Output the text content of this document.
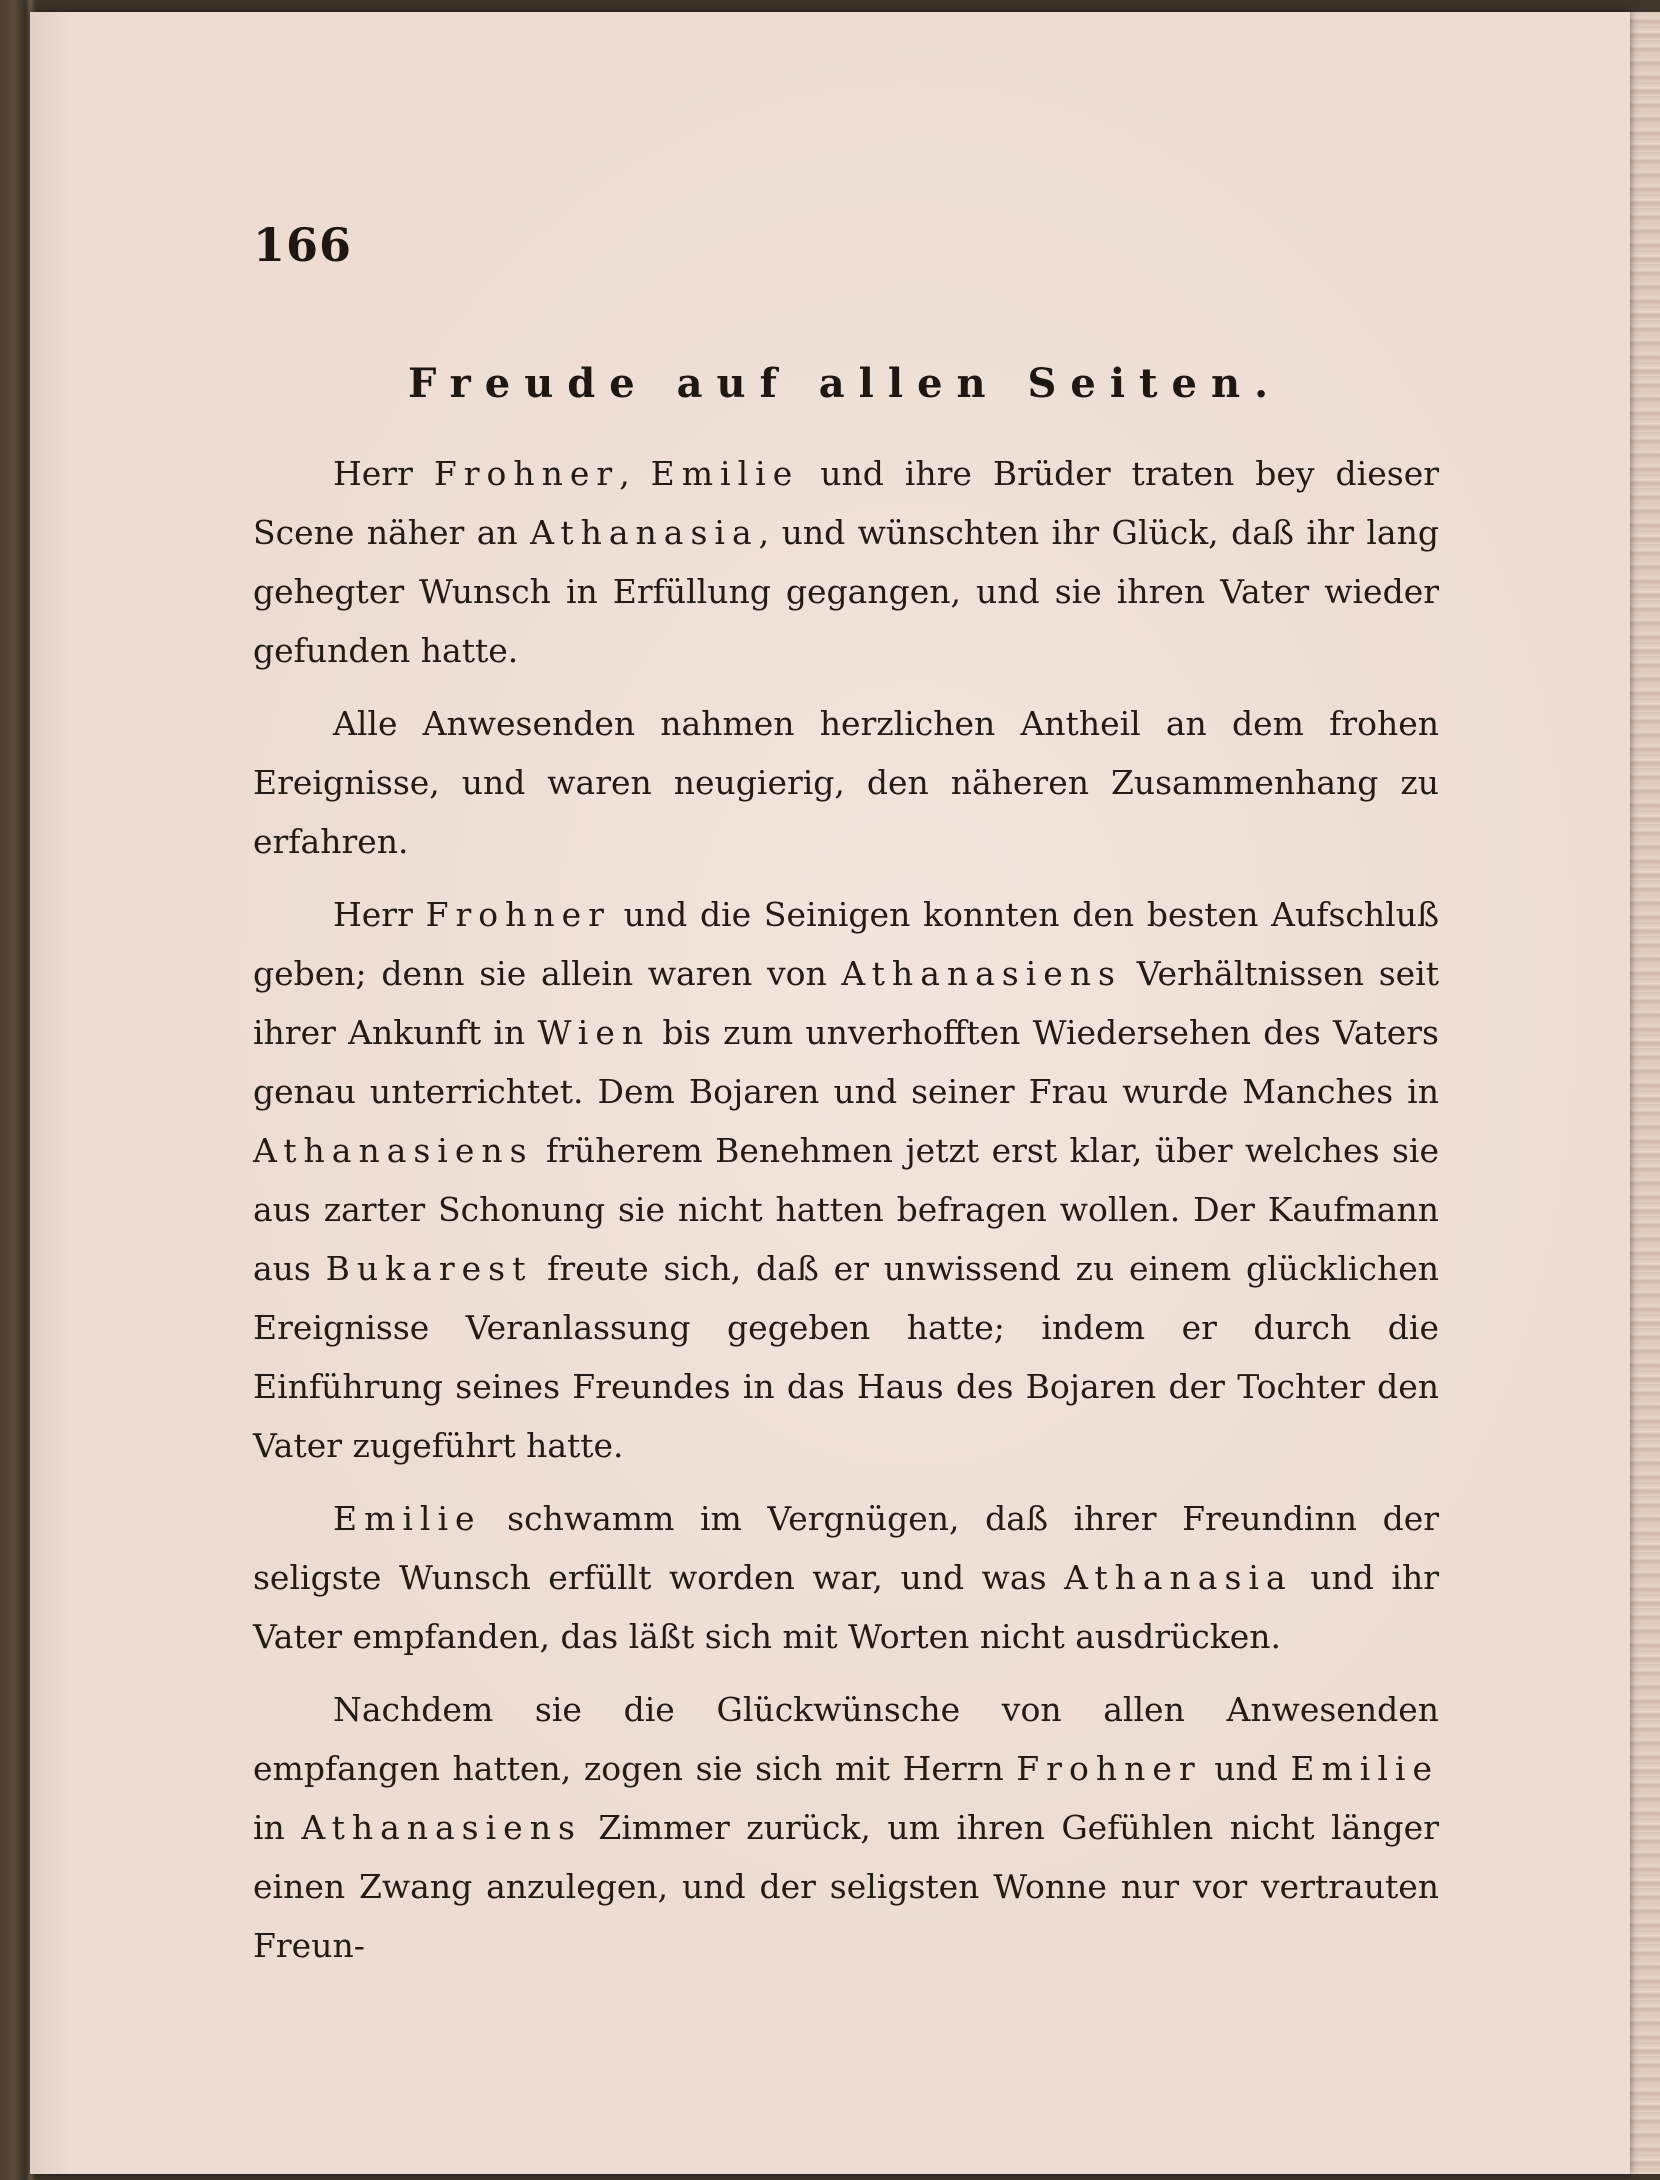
166
Freude auf allen Seiten.

Herr Frohner, Emilie und ihre Brüder traten bey dieser Scene näher an Athanasia, und wünschten ihr Glück, daß ihr lang gehegter Wunsch in Erfüllung gegangen, und sie ihren Vater wieder gefunden hatte.

Alle Anwesenden nahmen herzlichen Antheil an dem frohen Ereignisse, und waren neugierig, den näheren Zusammenhang zu erfahren.

Herr Frohner und die Seinigen konnten den besten Aufschluß geben; denn sie allein waren von Athanasiens Verhältnissen seit ihrer Ankunft in Wien bis zum unverhofften Wiedersehen des Vaters genau unterrichtet. Dem Bojaren und seiner Frau wurde Manches in Athanasiens früherem Benehmen jetzt erst klar, über welches sie aus zarter Schonung sie nicht hatten befragen wollen. Der Kaufmann aus Bukarest freute sich, daß er unwissend zu einem glücklichen Ereignisse Veranlassung gegeben hatte; indem er durch die Einführung seines Freundes in das Haus des Bojaren der Tochter den Vater zugeführt hatte.

Emilie schwamm im Vergnügen, daß ihrer Freundinn der seligste Wunsch erfüllt worden war, und was Athanasia und ihr Vater empfanden, das läßt sich mit Worten nicht ausdrücken.

Nachdem sie die Glückwünsche von allen Anwesenden empfangen hatten, zogen sie sich mit Herrn Frohner und Emilie in Athanasiens Zimmer zurück, um ihren Gefühlen nicht länger einen Zwang anzulegen, und der seligsten Wonne nur vor vertrauten Freun-
